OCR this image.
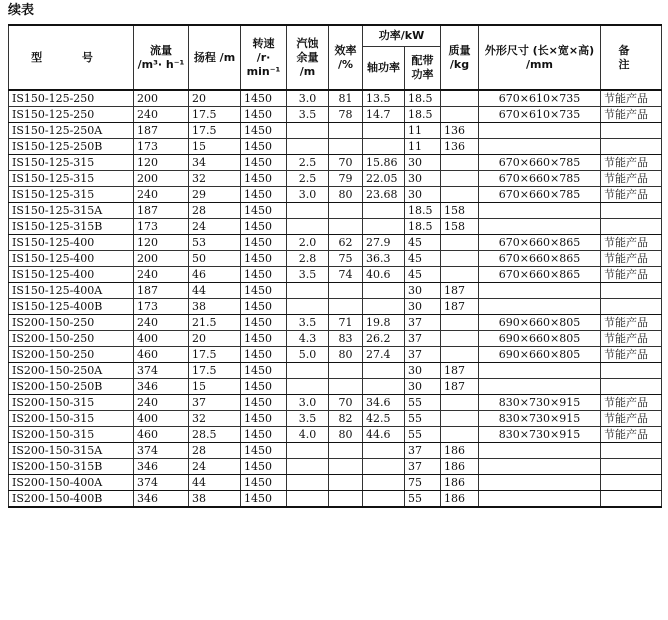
续表
型 号	流量 /m³· h⁻¹	扬程 /m	转速 /r· min⁻¹	汽蚀 余量 /m	效率 /%	功率/kW		质量 /kg	外形尺寸 (长×宽×高) /mm	备 注
						轴功率	配带 功率			
IS150-125-250	200	20	1450	3.0	81	13.5	18.5		670×610×735	节能产品
IS150-125-250	240	17.5	1450	3.5	78	14.7	18.5		670×610×735	节能产品
IS150-125-250A	187	17.5	1450				11	136		
IS150-125-250B	173	15	1450				11	136		
IS150-125-315	120	34	1450	2.5	70	15.86	30		670×660×785	节能产品
IS150-125-315	200	32	1450	2.5	79	22.05	30		670×660×785	节能产品
IS150-125-315	240	29	1450	3.0	80	23.68	30		670×660×785	节能产品
IS150-125-315A	187	28	1450				18.5	158		
IS150-125-315B	173	24	1450				18.5	158		
IS150-125-400	120	53	1450	2.0	62	27.9	45		670×660×865	节能产品
IS150-125-400	200	50	1450	2.8	75	36.3	45		670×660×865	节能产品
IS150-125-400	240	46	1450	3.5	74	40.6	45		670×660×865	节能产品
IS150-125-400A	187	44	1450				30	187		
IS150-125-400B	173	38	1450				30	187		
IS200-150-250	240	21.5	1450	3.5	71	19.8	37		690×660×805	节能产品
IS200-150-250	400	20	1450	4.3	83	26.2	37		690×660×805	节能产品
IS200-150-250	460	17.5	1450	5.0	80	27.4	37		690×660×805	节能产品
IS200-150-250A	374	17.5	1450				30	187		
IS200-150-250B	346	15	1450				30	187		
IS200-150-315	240	37	1450	3.0	70	34.6	55		830×730×915	节能产品
IS200-150-315	400	32	1450	3.5	82	42.5	55		830×730×915	节能产品
IS200-150-315	460	28.5	1450	4.0	80	44.6	55		830×730×915	节能产品
IS200-150-315A	374	28	1450				37	186		
IS200-150-315B	346	24	1450				37	186		
IS200-150-400A	374	44	1450				75	186		
IS200-150-400B	346	38	1450				55	186		
